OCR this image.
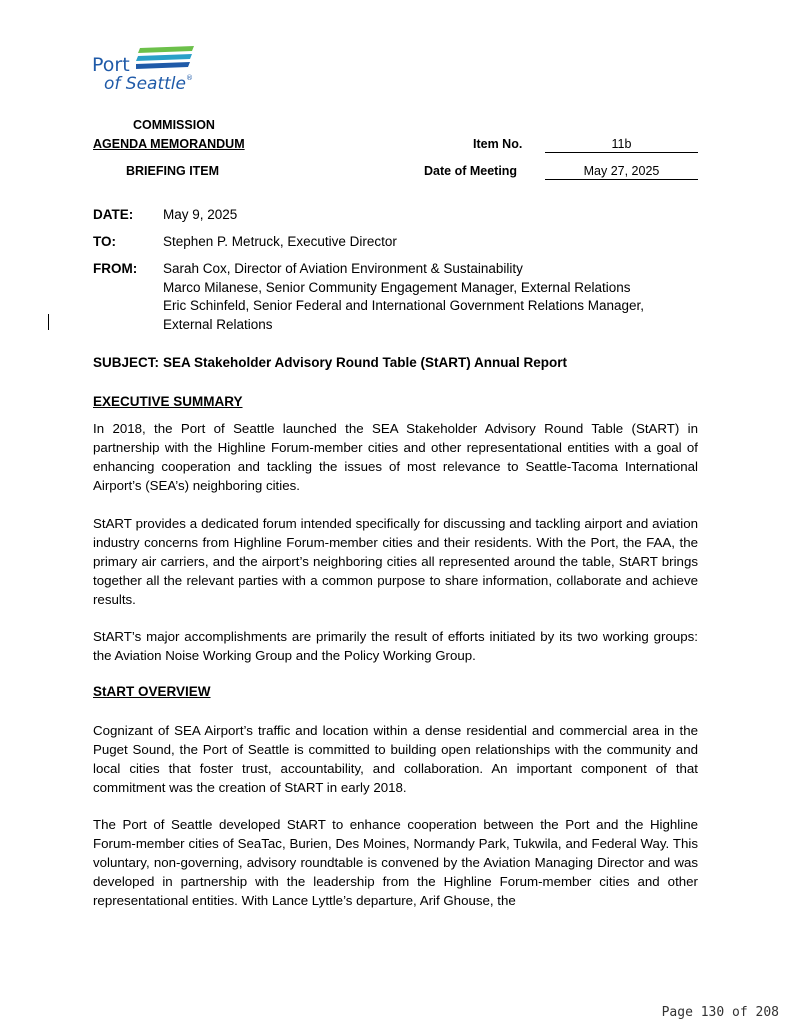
Port
of Seattle®
COMMISSION
AGENDA MEMORANDUM
BRIEFING ITEM
Item No.	11b
Date of Meeting	May 27, 2025
DATE:	May 9, 2025
TO:	Stephen P. Metruck, Executive Director
FROM:	Sarah Cox, Director of Aviation Environment & Sustainability
Marco Milanese, Senior Community Engagement Manager, External Relations
Eric Schinfeld, Senior Federal and International Government Relations Manager,
External Relations
SUBJECT: SEA Stakeholder Advisory Round Table (StART) Annual Report
EXECUTIVE SUMMARY
In 2018, the Port of Seattle launched the SEA Stakeholder Advisory Round Table (StART) in partnership with the Highline Forum-member cities and other representational entities with a goal of enhancing cooperation and tackling the issues of most relevance to Seattle-Tacoma International Airport’s (SEA’s) neighboring cities.
StART provides a dedicated forum intended specifically for discussing and tackling airport and aviation industry concerns from Highline Forum-member cities and their residents. With the Port, the FAA, the primary air carriers, and the airport’s neighboring cities all represented around the table, StART brings together all the relevant parties with a common purpose to share information, collaborate and achieve results.
StART’s major accomplishments are primarily the result of efforts initiated by its two working groups: the Aviation Noise Working Group and the Policy Working Group.
StART OVERVIEW
Cognizant of SEA Airport’s traffic and location within a dense residential and commercial area in the Puget Sound, the Port of Seattle is committed to building open relationships with the community and local cities that foster trust, accountability, and collaboration. An important component of that commitment was the creation of StART in early 2018.
The Port of Seattle developed StART to enhance cooperation between the Port and the Highline Forum-member cities of SeaTac, Burien, Des Moines, Normandy Park, Tukwila, and Federal Way. This voluntary, non-governing, advisory roundtable is convened by the Aviation Managing Director and was developed in partnership with the leadership from the Highline Forum-member cities and other representational entities. With Lance Lyttle’s departure, Arif Ghouse, the
Page 130 of 208
